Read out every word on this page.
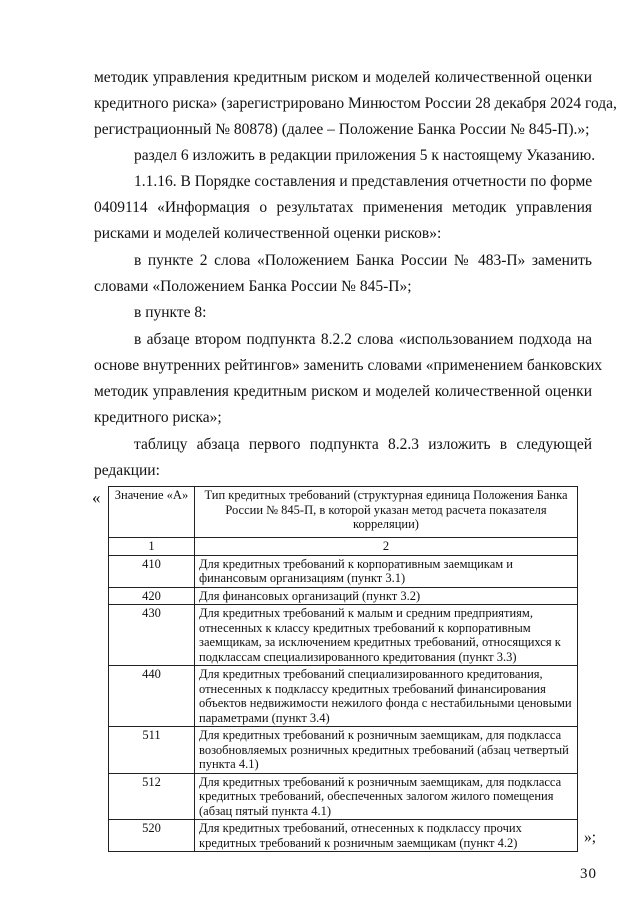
методик управления кредитным риском и моделей количественной оценки
кредитного риска» (зарегистрировано Минюстом России 28 декабря 2024 года,
регистрационный № 80878) (далее – Положение Банка России № 845-П).»;
раздел 6 изложить в редакции приложения 5 к настоящему Указанию.
1.1.16. В Порядке составления и представления отчетности по форме
0409114 «Информация о результатах применения методик управления
рисками и моделей количественной оценки рисков»:
в пункте 2 слова «Положением Банка России № 483-П» заменить
словами «Положением Банка России № 845-П»;
в пункте 8:
в абзаце втором подпункта 8.2.2 слова «использованием подхода на
основе внутренних рейтингов» заменить словами «применением банковских
методик управления кредитным риском и моделей количественной оценки
кредитного риска»;
таблицу абзаца первого подпункта 8.2.3 изложить в следующей
редакции:
« Значение «А»	Тип кредитных требований (структурная единица Положения Банка России № 845-П, в которой указан метод расчета показателя корреляции)
1	2
410	Для кредитных требований к корпоративным заемщикам и финансовым организациям (пункт 3.1)
420	Для финансовых организаций (пункт 3.2)
430	Для кредитных требований к малым и средним предприятиям, отнесенных к классу кредитных требований к корпоративным заемщикам, за исключением кредитных требований, относящихся к подклассам специализированного кредитования (пункт 3.3)
440	Для кредитных требований специализированного кредитования, отнесенных к подклассу кредитных требований финансирования объектов недвижимости нежилого фонда с нестабильными ценовыми параметрами (пункт 3.4)
511	Для кредитных требований к розничным заемщикам, для подкласса возобновляемых розничных кредитных требований (абзац четвертый пункта 4.1)
512	Для кредитных требований к розничным заемщикам, для подкласса кредитных требований, обеспеченных залогом жилого помещения (абзац пятый пункта 4.1)
520	Для кредитных требований, отнесенных к подклассу прочих кредитных требований к розничным заемщикам (пункт 4.2)	»;
30
